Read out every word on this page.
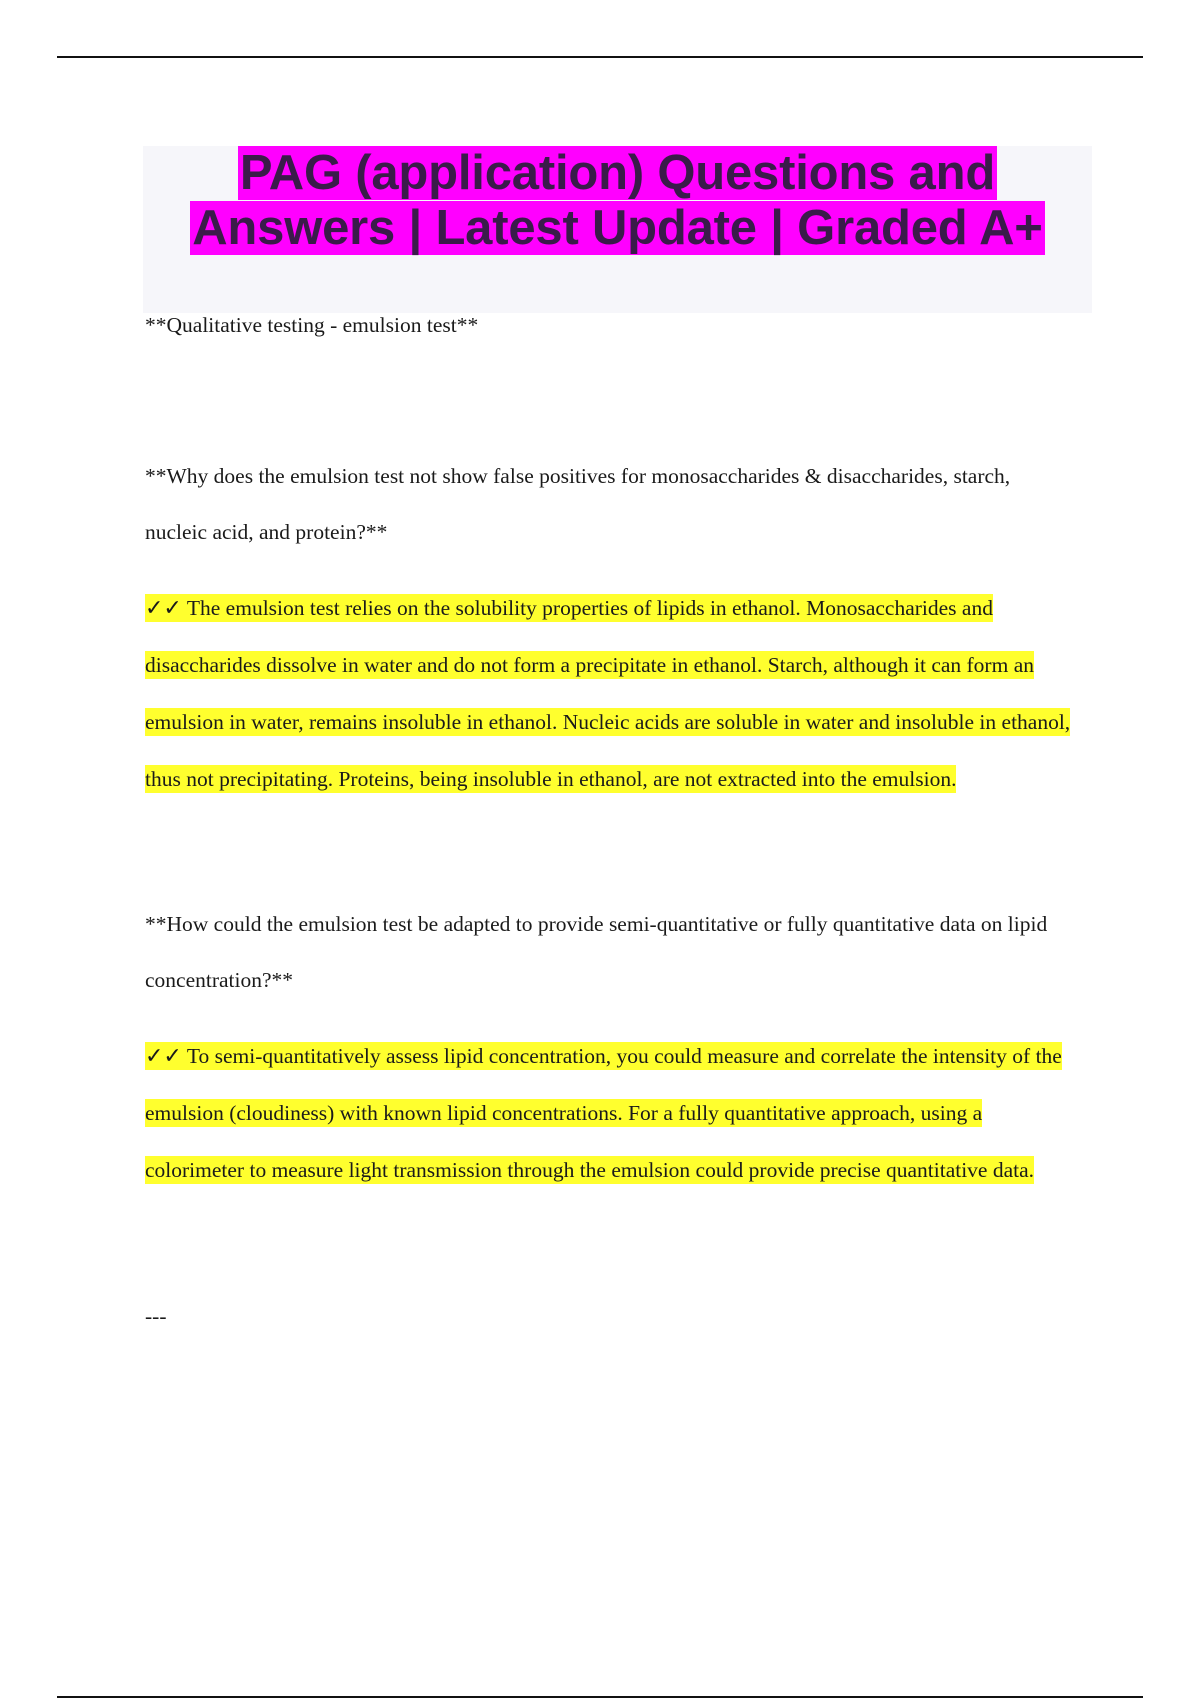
PAG (application) Questions and Answers | Latest Update | Graded A+

**Qualitative testing - emulsion test**

**Why does the emulsion test not show false positives for monosaccharides & disaccharides, starch, nucleic acid, and protein?**

✓✓ The emulsion test relies on the solubility properties of lipids in ethanol. Monosaccharides and disaccharides dissolve in water and do not form a precipitate in ethanol. Starch, although it can form an emulsion in water, remains insoluble in ethanol. Nucleic acids are soluble in water and insoluble in ethanol, thus not precipitating. Proteins, being insoluble in ethanol, are not extracted into the emulsion.

**How could the emulsion test be adapted to provide semi-quantitative or fully quantitative data on lipid concentration?**

✓✓ To semi-quantitatively assess lipid concentration, you could measure and correlate the intensity of the emulsion (cloudiness) with known lipid concentrations. For a fully quantitative approach, using a colorimeter to measure light transmission through the emulsion could provide precise quantitative data.

---
